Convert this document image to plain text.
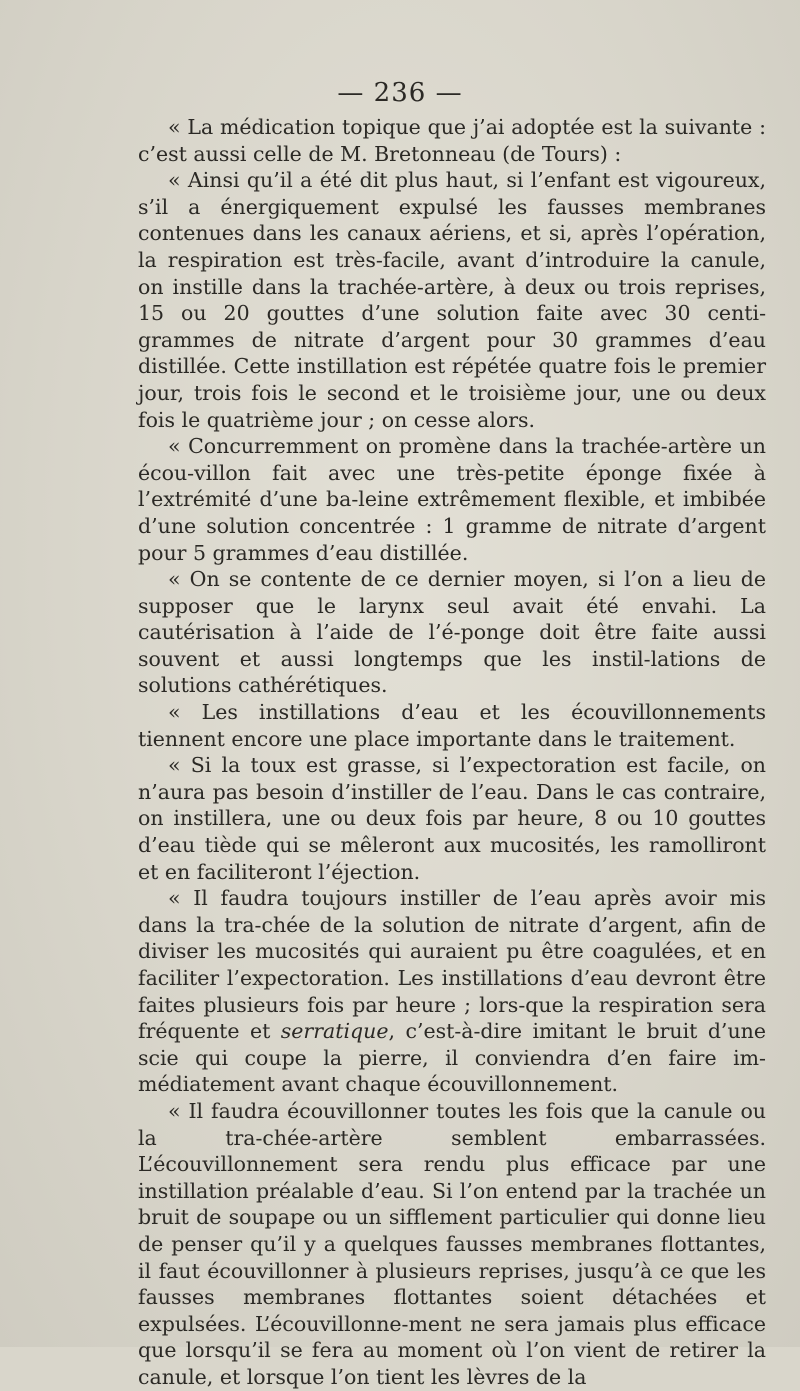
— 236 —

« La médication topique que j’ai adoptée est la suivante : c’est aussi celle de M. Bretonneau (de Tours) :

« Ainsi qu’il a été dit plus haut, si l’enfant est vigoureux, s’il a énergiquement expulsé les fausses membranes contenues dans les canaux aériens, et si, après l’opération, la respiration est très-facile, avant d’introduire la canule, on instille dans la trachée-artère, à deux ou trois reprises, 15 ou 20 gouttes d’une solution faite avec 30 centi-grammes de nitrate d’argent pour 30 grammes d’eau distillée. Cette instillation est répétée quatre fois le premier jour, trois fois le second et le troisième jour, une ou deux fois le quatrième jour ; on cesse alors.

« Concurremment on promène dans la trachée-artère un écou-villon fait avec une très-petite éponge fixée à l’extrémité d’une ba-leine extrêmement flexible, et imbibée d’une solution concentrée : 1 gramme de nitrate d’argent pour 5 grammes d’eau distillée.

« On se contente de ce dernier moyen, si l’on a lieu de supposer que le larynx seul avait été envahi. La cautérisation à l’aide de l’é-ponge doit être faite aussi souvent et aussi longtemps que les instil-lations de solutions cathérétiques.

« Les instillations d’eau et les écouvillonnements tiennent encore une place importante dans le traitement.

« Si la toux est grasse, si l’expectoration est facile, on n’aura pas besoin d’instiller de l’eau. Dans le cas contraire, on instillera, une ou deux fois par heure, 8 ou 10 gouttes d’eau tiède qui se mêleront aux mucosités, les ramolliront et en faciliteront l’éjection.

« Il faudra toujours instiller de l’eau après avoir mis dans la tra-chée de la solution de nitrate d’argent, afin de diviser les mucosités qui auraient pu être coagulées, et en faciliter l’expectoration. Les instillations d’eau devront être faites plusieurs fois par heure ; lors-que la respiration sera fréquente et serratique, c’est-à-dire imitant le bruit d’une scie qui coupe la pierre, il conviendra d’en faire im-médiatement avant chaque écouvillonnement.

« Il faudra écouvillonner toutes les fois que la canule ou la tra-chée-artère semblent embarrassées. L’écouvillonnement sera rendu plus efficace par une instillation préalable d’eau. Si l’on entend par la trachée un bruit de soupape ou un sifflement particulier qui donne lieu de penser qu’il y a quelques fausses membranes flottantes, il faut écouvillonner à plusieurs reprises, jusqu’à ce que les fausses membranes flottantes soient détachées et expulsées. L’écouvillonne-ment ne sera jamais plus efficace que lorsqu’il se fera au moment où l’on vient de retirer la canule, et lorsque l’on tient les lèvres de la
